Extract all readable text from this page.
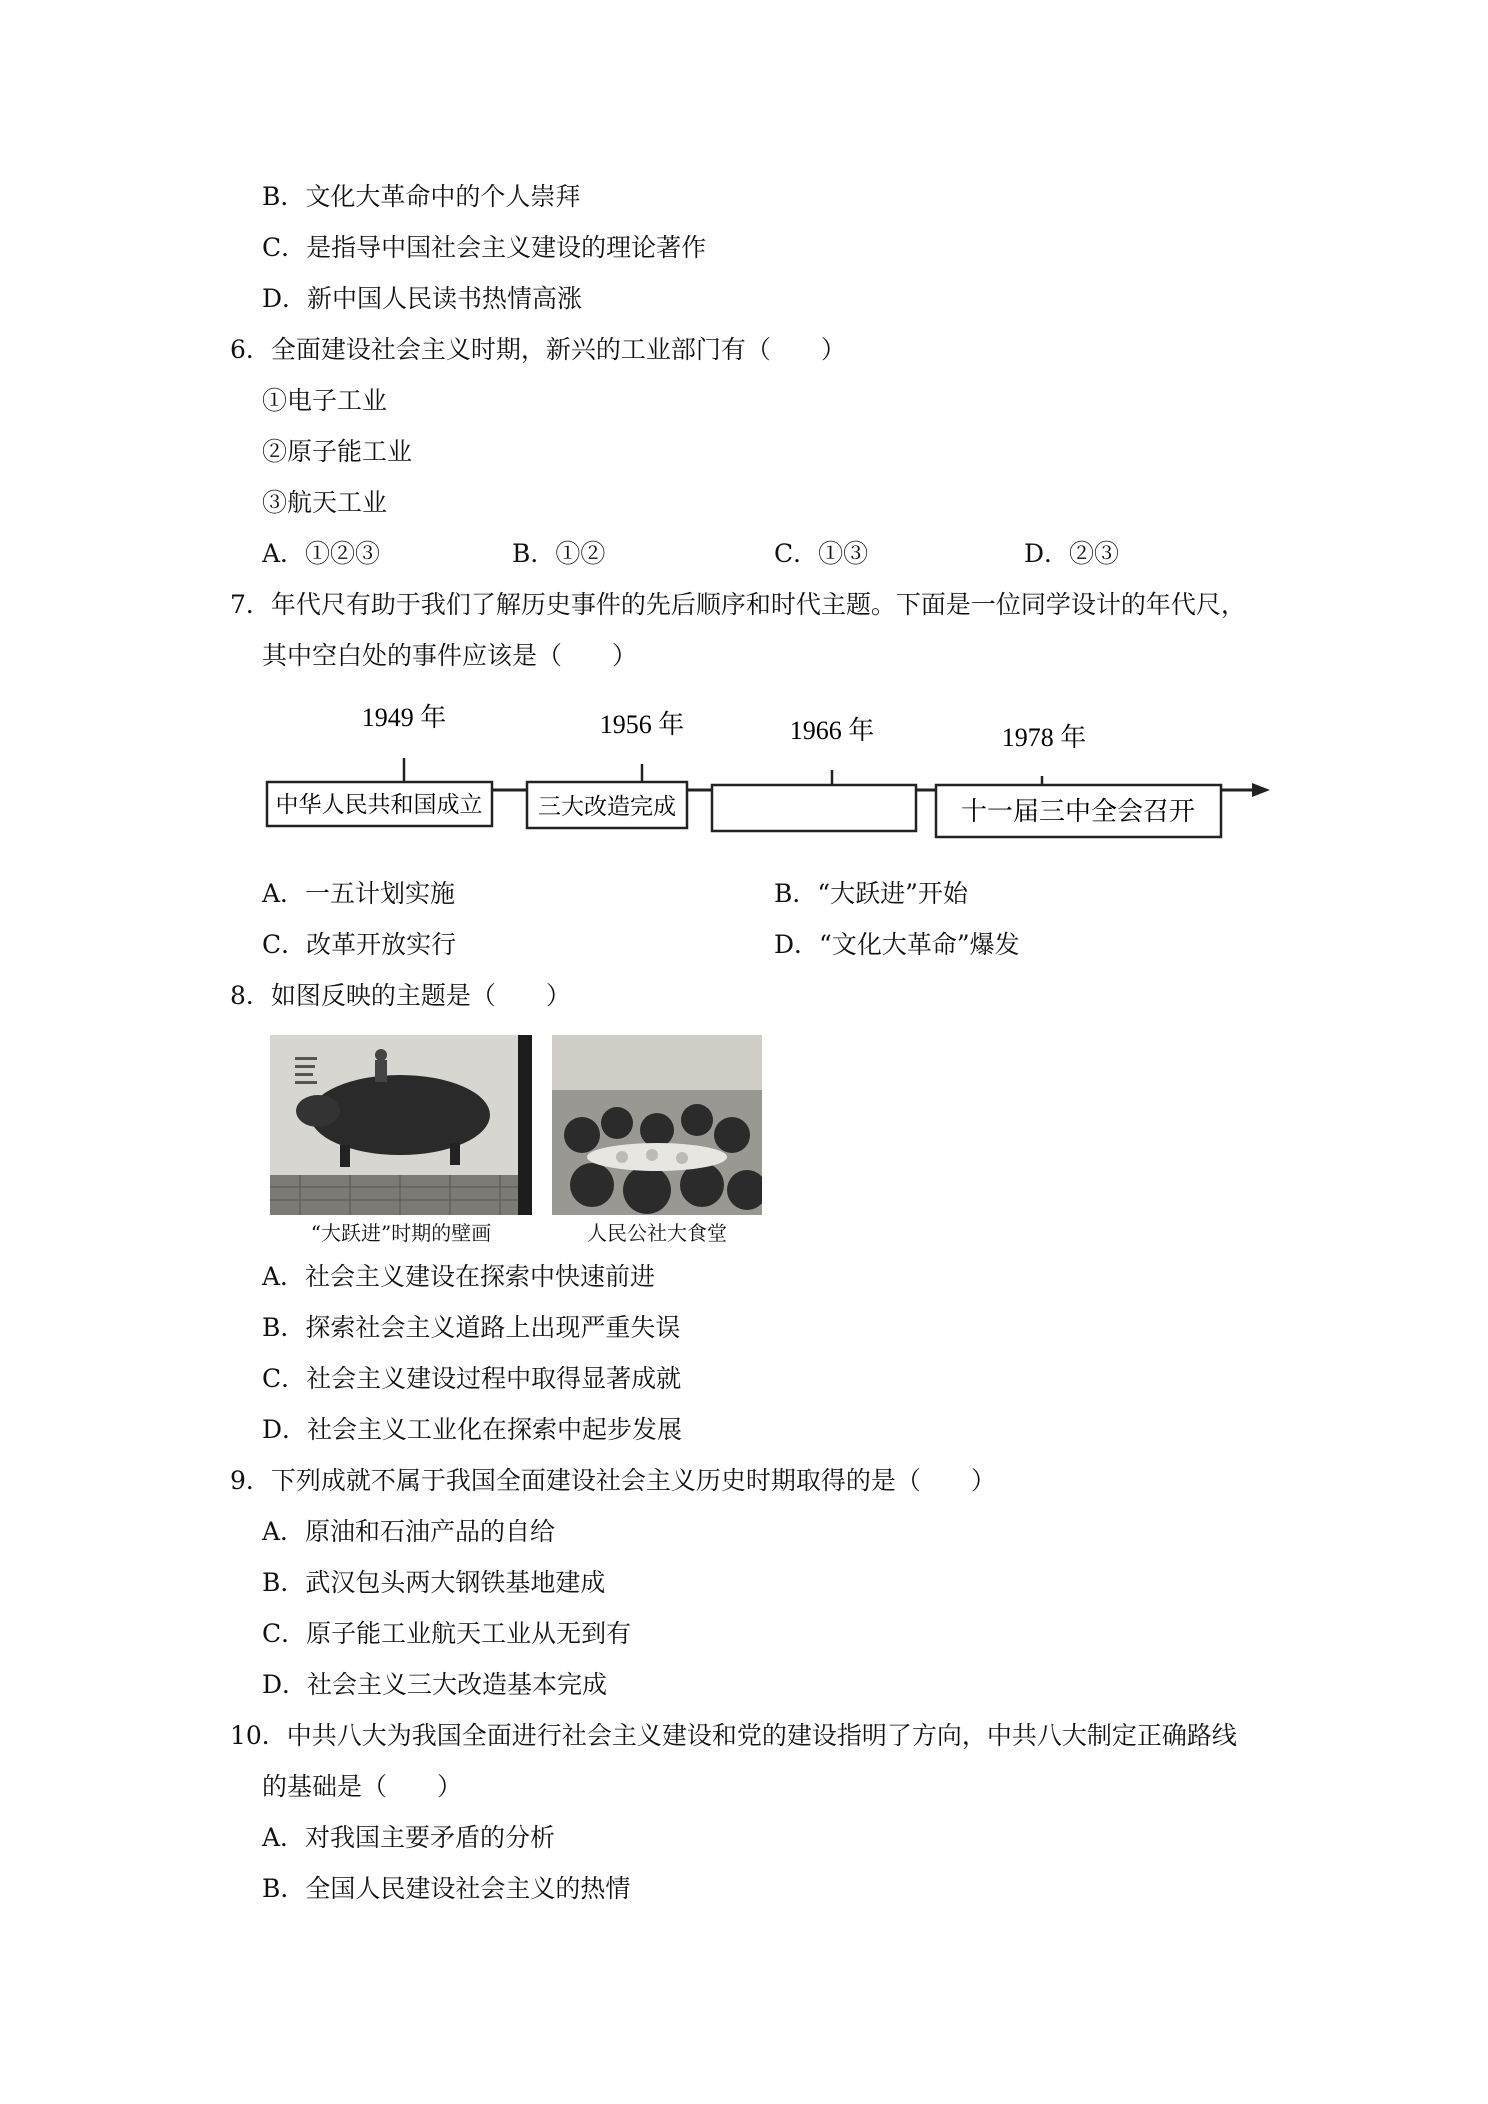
B．文化大革命中的个人崇拜
C．是指导中国社会主义建设的理论著作
D．新中国人民读书热情高涨
6．全面建设社会主义时期，新兴的工业部门有（　　）
①电子工业
②原子能工业
③航天工业
A．①②③	B．①②	C．①③	D．②③
7．年代尺有助于我们了解历史事件的先后顺序和时代主题。下面是一位同学设计的年代尺，
其中空白处的事件应该是（　　）
1949 年	1956 年	1966 年	1978 年
中华人民共和国成立 三大改造完成	十一届三中全会召开
A．一五计划实施	B．“大跃进”开始
C．改革开放实行	D．“文化大革命”爆发
8．如图反映的主题是（　　）
“大跃进”时期的壁画	人民公社大食堂
A．社会主义建设在探索中快速前进
B．探索社会主义道路上出现严重失误
C．社会主义建设过程中取得显著成就
D．社会主义工业化在探索中起步发展
9．下列成就不属于我国全面建设社会主义历史时期取得的是（　　）
A．原油和石油产品的自给
B．武汉包头两大钢铁基地建成
C．原子能工业航天工业从无到有
D．社会主义三大改造基本完成
10．中共八大为我国全面进行社会主义建设和党的建设指明了方向，中共八大制定正确路线
的基础是（　　）
A．对我国主要矛盾的分析
B．全国人民建设社会主义的热情
